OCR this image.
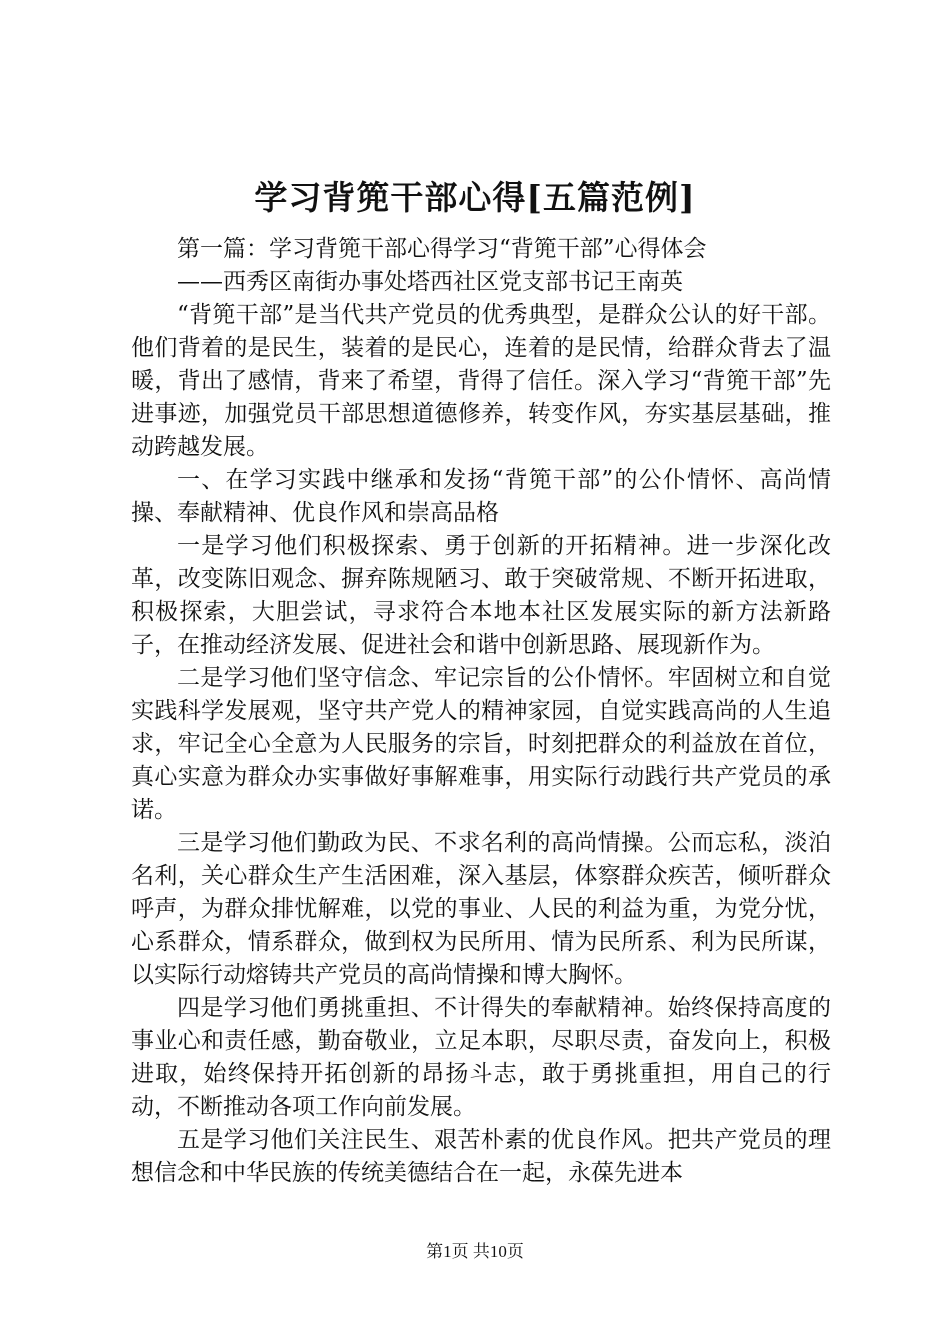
学习背篼干部心得[五篇范例]

第一篇：学习背篼干部心得学习“背篼干部”心得体会

——西秀区南街办事处塔西社区党支部书记王南英

“背篼干部”是当代共产党员的优秀典型，是群众公认的好干部。他们背着的是民生，装着的是民心，连着的是民情，给群众背去了温暖，背出了感情，背来了希望，背得了信任。深入学习“背篼干部”先进事迹，加强党员干部思想道德修养，转变作风，夯实基层基础，推动跨越发展。

一、在学习实践中继承和发扬“背篼干部”的公仆情怀、高尚情操、奉献精神、优良作风和崇高品格

一是学习他们积极探索、勇于创新的开拓精神。进一步深化改革，改变陈旧观念、摒弃陈规陋习、敢于突破常规、不断开拓进取，积极探索，大胆尝试，寻求符合本地本社区发展实际的新方法新路子，在推动经济发展、促进社会和谐中创新思路、展现新作为。

二是学习他们坚守信念、牢记宗旨的公仆情怀。牢固树立和自觉实践科学发展观，坚守共产党人的精神家园，自觉实践高尚的人生追求，牢记全心全意为人民服务的宗旨，时刻把群众的利益放在首位，真心实意为群众办实事做好事解难事，用实际行动践行共产党员的承诺。

三是学习他们勤政为民、不求名利的高尚情操。公而忘私，淡泊名利，关心群众生产生活困难，深入基层，体察群众疾苦，倾听群众呼声，为群众排忧解难，以党的事业、人民的利益为重，为党分忧，心系群众，情系群众，做到权为民所用、情为民所系、利为民所谋，以实际行动熔铸共产党员的高尚情操和博大胸怀。

四是学习他们勇挑重担、不计得失的奉献精神。始终保持高度的事业心和责任感，勤奋敬业，立足本职，尽职尽责，奋发向上，积极进取，始终保持开拓创新的昂扬斗志，敢于勇挑重担，用自己的行动，不断推动各项工作向前发展。

五是学习他们关注民生、艰苦朴素的优良作风。把共产党员的理想信念和中华民族的传统美德结合在一起，永葆先进本

第1页 共10页
